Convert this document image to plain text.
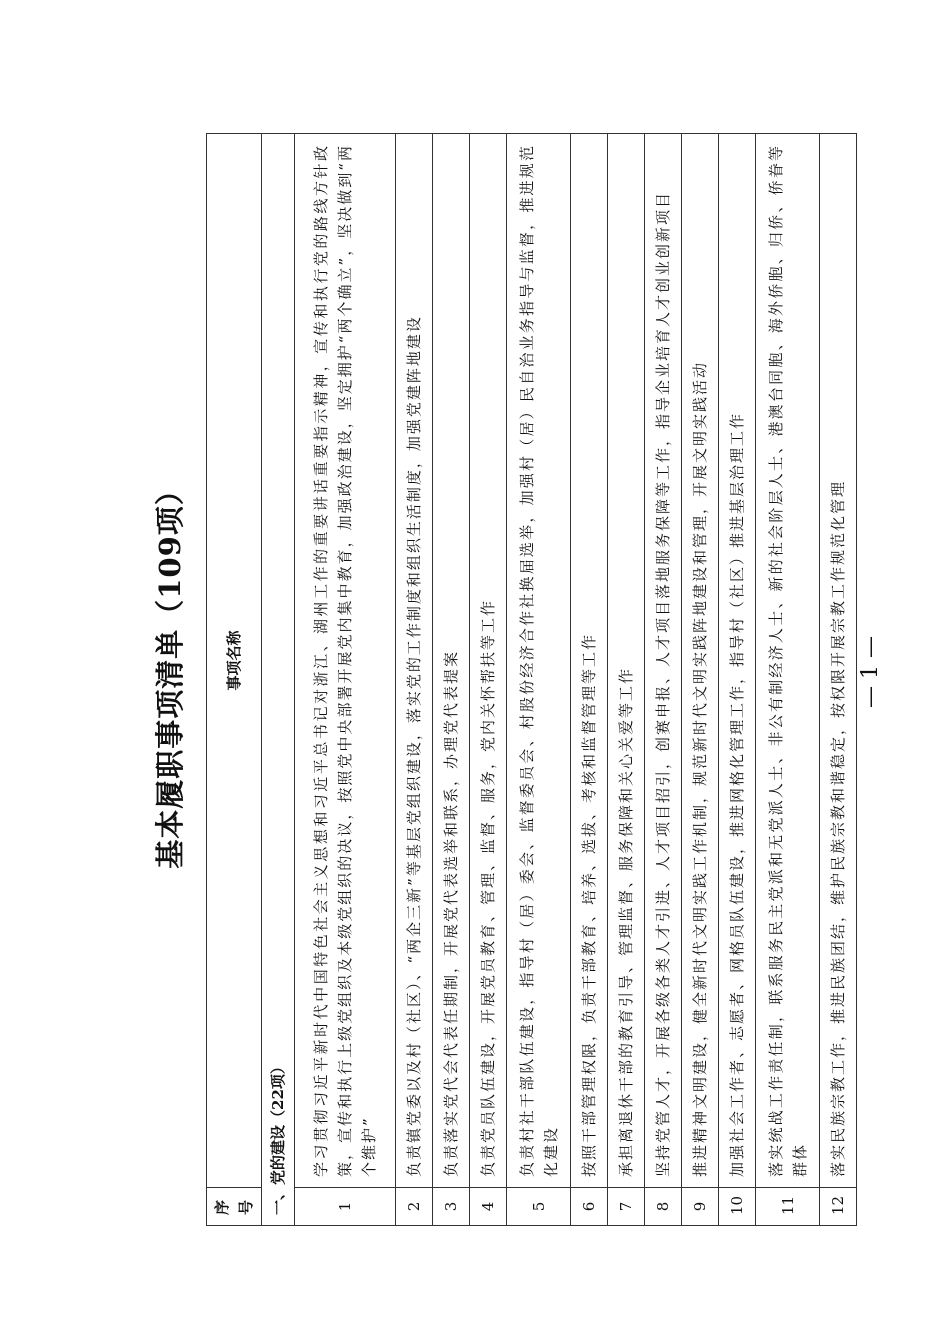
基本履职事项清单（109项）
序号	事项名称
一、党的建设（22项）	
1	学习贯彻习近平新时代中国特色社会主义思想和习近平总书记对浙江、湖州工作的重要讲话重要指示精神，宣传和执行党的路线方针政策，宣传和执行上级党组织及本级党组织的决议，按照党中央部署开展党内集中教育，加强政治建设，坚定拥护“两个确立”，坚决做到“两个维护”
2	负责镇党委以及村（社区）、“两企三新”等基层党组织建设，落实党的工作制度和组织生活制度，加强党建阵地建设
3	负责落实党代会代表任期制，开展党代表选举和联系，办理党代表提案
4	负责党员队伍建设，开展党员教育、管理、监督、服务，党内关怀帮扶等工作
5	负责村社干部队伍建设，指导村（居）委会、监督委员会、村股份经济合作社换届选举，加强村（居）民自治业务指导与监督，推进规范化建设
6	按照干部管理权限，负责干部教育、培养、选拔、考核和监督管理等工作
7	承担离退休干部的教育引导、管理监督、服务保障和关心关爱等工作
8	坚持党管人才，开展各级各类人才引进、人才项目招引，创赛申报、人才项目落地服务保障等工作，指导企业培育人才创业创新项目
9	推进精神文明建设，健全新时代文明实践工作机制，规范新时代文明实践阵地建设和管理，开展文明实践活动
10	加强社会工作者、志愿者、网格员队伍建设，推进网格化管理工作，指导村（社区）推进基层治理工作
11	落实统战工作责任制，联系服务民主党派和无党派人士、非公有制经济人士、新的社会阶层人士、港澳台同胞、海外侨胞、归侨、侨眷等群体
12	落实民族宗教工作，推进民族团结，维护民族宗教和谐稳定，按权限开展宗教工作规范化管理 — 1 —
